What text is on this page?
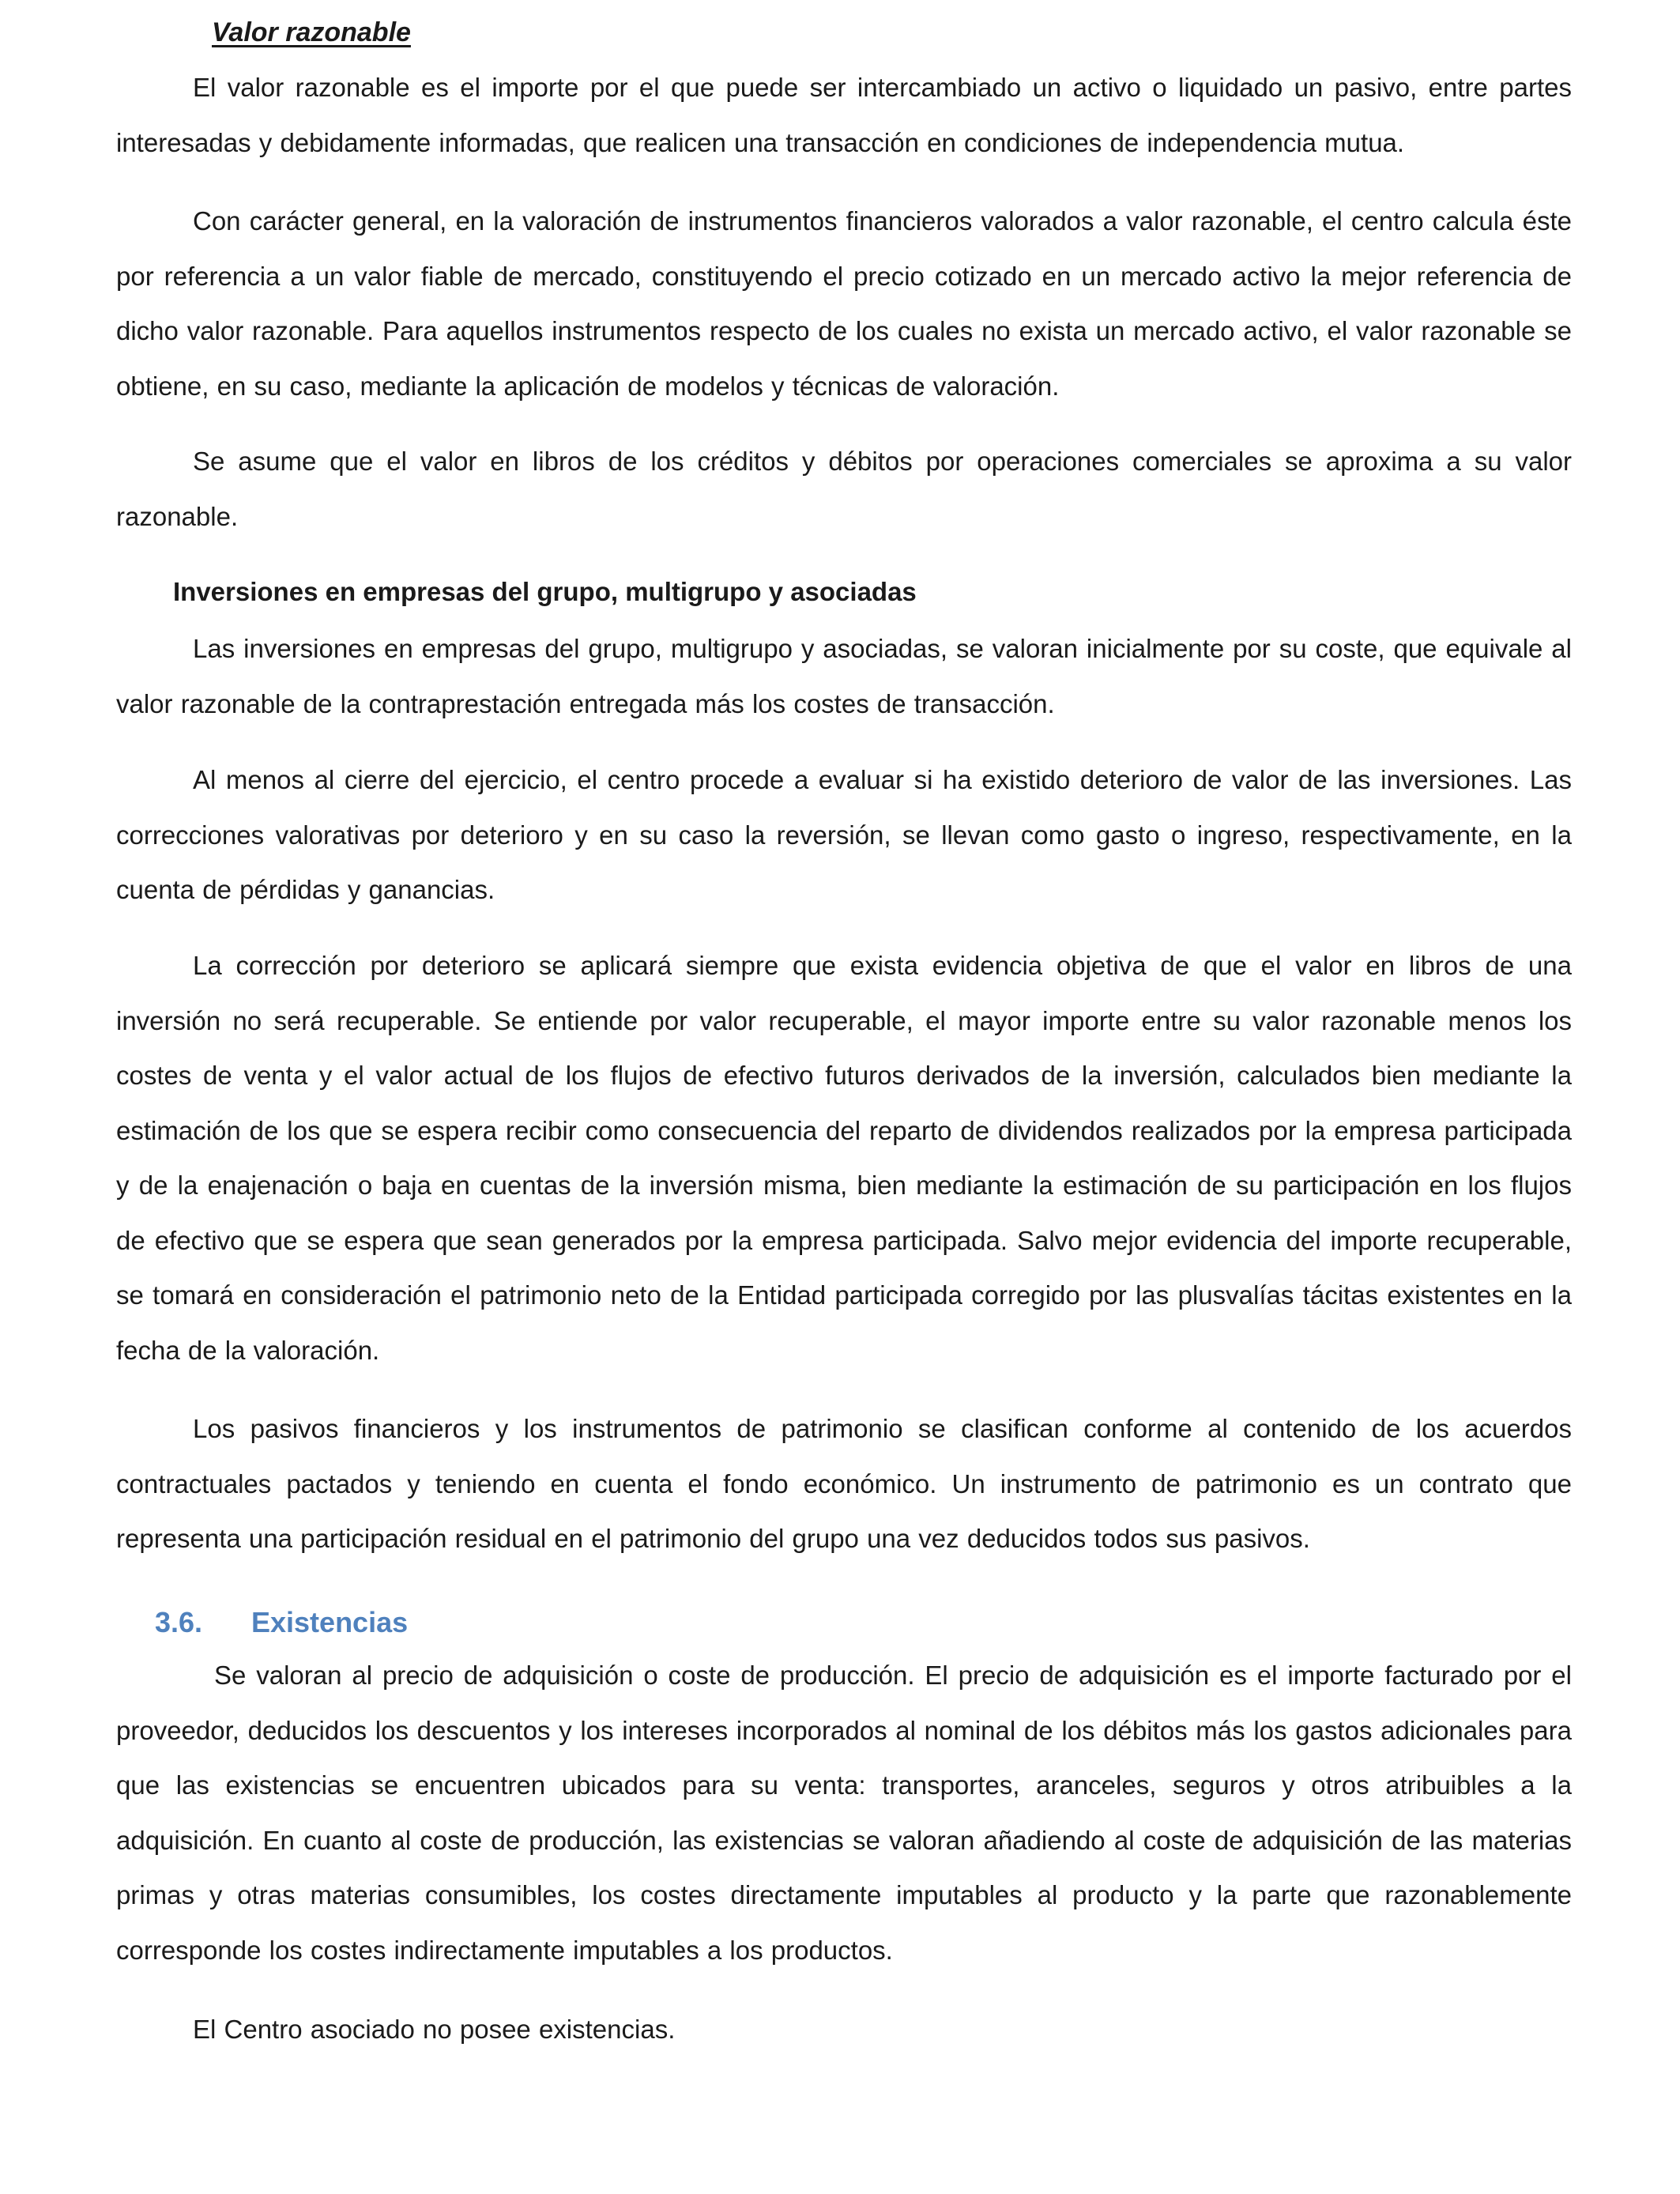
Valor razonable

El valor razonable es el importe por el que puede ser intercambiado un activo o liquidado un pasivo, entre partes interesadas y debidamente informadas, que realicen una transacción en condiciones de independencia mutua.

Con carácter general, en la valoración de instrumentos financieros valorados a valor razonable, el centro calcula éste por referencia a un valor fiable de mercado, constituyendo el precio cotizado en un mercado activo la mejor referencia de dicho valor razonable. Para aquellos instrumentos respecto de los cuales no exista un mercado activo, el valor razonable se obtiene, en su caso, mediante la aplicación de modelos y técnicas de valoración.

Se asume que el valor en libros de los créditos y débitos por operaciones comerciales se aproxima a su valor razonable.

Las inversiones en empresas del grupo, multigrupo y asociadas, se valoran inicialmente por su coste, que equivale al valor razonable de la contraprestación entregada más los costes de transacción.

Al menos al cierre del ejercicio, el centro procede a evaluar si ha existido deterioro de valor de las inversiones. Las correcciones valorativas por deterioro y en su caso la reversión, se llevan como gasto o ingreso, respectivamente, en la cuenta de pérdidas y ganancias.

La corrección por deterioro se aplicará siempre que exista evidencia objetiva de que el valor en libros de una inversión no será recuperable. Se entiende por valor recuperable, el mayor importe entre su valor razonable menos los costes de venta y el valor actual de los flujos de efectivo futuros derivados de la inversión, calculados bien mediante la estimación de los que se espera recibir como consecuencia del reparto de dividendos realizados por la empresa participada y de la enajenación o baja en cuentas de la inversión misma, bien mediante la estimación de su participación en los flujos de efectivo que se espera que sean generados por la empresa participada. Salvo mejor evidencia del importe recuperable, se tomará en consideración el patrimonio neto de la Entidad participada corregido por las plusvalías tácitas existentes en la fecha de la valoración.

Los pasivos financieros y los instrumentos de patrimonio se clasifican conforme al contenido de los acuerdos contractuales pactados y teniendo en cuenta el fondo económico. Un instrumento de patrimonio es un contrato que representa una participación residual en el patrimonio del grupo una vez deducidos todos sus pasivos.

Se valoran al precio de adquisición o coste de producción. El precio de adquisición es el importe facturado por el proveedor, deducidos los descuentos y los intereses incorporados al nominal de los débitos más los gastos adicionales para que las existencias se encuentren ubicados para su venta: transportes, aranceles, seguros y otros atribuibles a la adquisición. En cuanto al coste de producción, las existencias se valoran añadiendo al coste de adquisición de las materias primas y otras materias consumibles, los costes directamente imputables al producto y la parte que razonablemente corresponde los costes indirectamente imputables a los productos.

El Centro asociado no posee existencias.

Inversiones en empresas del grupo, multigrupo y asociadas
3.6. Existencias
